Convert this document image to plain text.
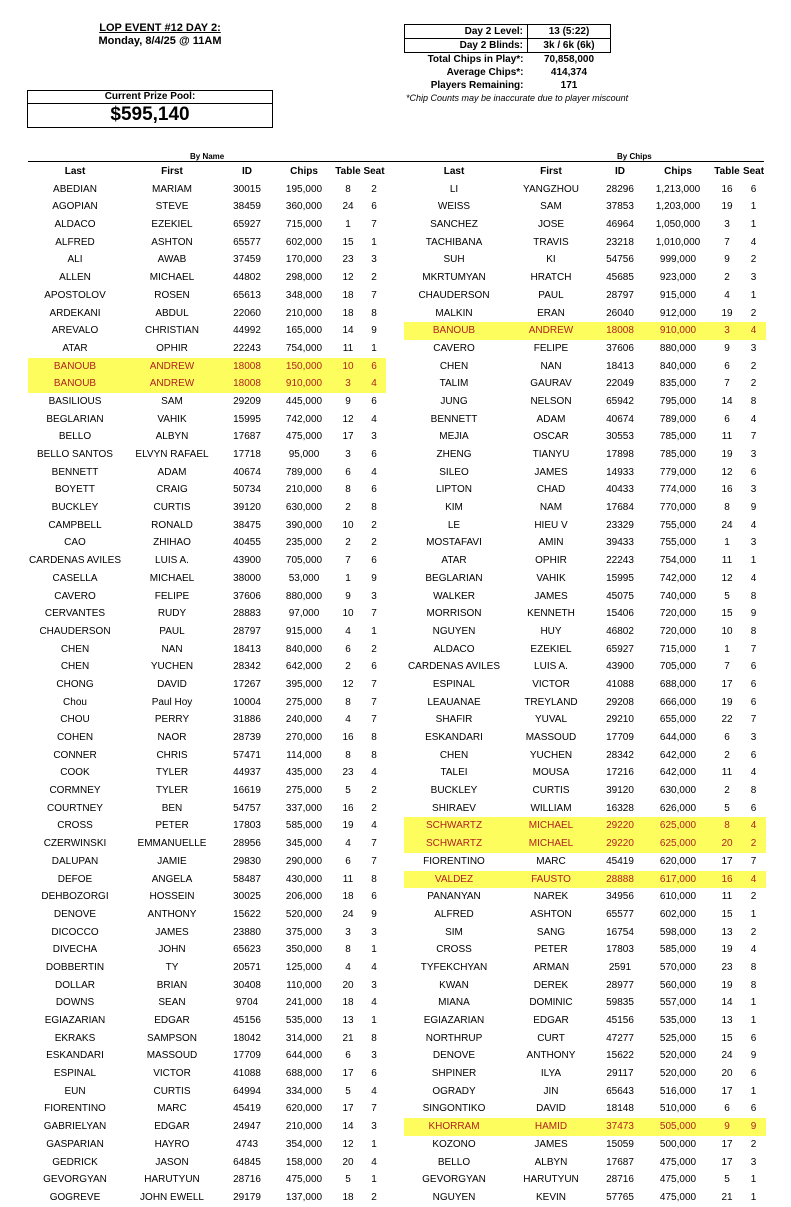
LOP EVENT #12 DAY 2:
Monday, 8/4/25 @ 11AM
Day 2 Level:	13 (5:22)
Day 2 Blinds:	3k / 6k (6k)
Total Chips in Play*:	70,858,000
Average Chips*:	414,374
Players Remaining:	171
*Chip Counts may be inaccurate due to player miscount
Current Prize Pool:
$595,140
By Name	By Chips
Last	First	ID	Chips	Table Seat
ABEDIAN	MARIAM	30015	195,000	8	2
AGOPIAN	STEVE	38459	360,000	24	6
ALDACO	EZEKIEL	65927	715,000	1	7
ALFRED	ASHTON	65577	602,000	15	1
ALI	AWAB	37459	170,000	23	3
ALLEN	MICHAEL	44802	298,000	12	2
APOSTOLOV	ROSEN	65613	348,000	18	7
ARDEKANI	ABDUL	22060	210,000	18	8
AREVALO	CHRISTIAN	44992	165,000	14	9
ATAR	OPHIR	22243	754,000	11	1
BANOUB	ANDREW	18008	150,000	10	6
BANOUB	ANDREW	18008	910,000	3	4
BASILIOUS	SAM	29209	445,000	9	6
BEGLARIAN	VAHIK	15995	742,000	12	4
BELLO	ALBYN	17687	475,000	17	3
BELLO SANTOS	ELVYN RAFAEL	17718	95,000	3	6
BENNETT	ADAM	40674	789,000	6	4
BOYETT	CRAIG	50734	210,000	8	6
BUCKLEY	CURTIS	39120	630,000	2	8
CAMPBELL	RONALD	38475	390,000	10	2
CAO	ZHIHAO	40455	235,000	2	2
CARDENAS AVILES	LUIS A.	43900	705,000	7	6
CASELLA	MICHAEL	38000	53,000	1	9
CAVERO	FELIPE	37606	880,000	9	3
CERVANTES	RUDY	28883	97,000	10	7
CHAUDERSON	PAUL	28797	915,000	4	1
CHEN	NAN	18413	840,000	6	2
CHEN	YUCHEN	28342	642,000	2	6
CHONG	DAVID	17267	395,000	12	7
Chou	Paul Hoy	10004	275,000	8	7
CHOU	PERRY	31886	240,000	4	7
COHEN	NAOR	28739	270,000	16	8
CONNER	CHRIS	57471	114,000	8	8
COOK	TYLER	44937	435,000	23	4
CORMNEY	TYLER	16619	275,000	5	2
COURTNEY	BEN	54757	337,000	16	2
CROSS	PETER	17803	585,000	19	4
CZERWINSKI	EMMANUELLE	28956	345,000	4	7
DALUPAN	JAMIE	29830	290,000	6	7
DEFOE	ANGELA	58487	430,000	11	8
DEHBOZORGI	HOSSEIN	30025	206,000	18	6
DENOVE	ANTHONY	15622	520,000	24	9
DICOCCO	JAMES	23880	375,000	3	3
DIVECHA	JOHN	65623	350,000	8	1
DOBBERTIN	TY	20571	125,000	4	4
DOLLAR	BRIAN	30408	110,000	20	3
DOWNS	SEAN	9704	241,000	18	4
EGIAZARIAN	EDGAR	45156	535,000	13	1
EKRAKS	SAMPSON	18042	314,000	21	8
ESKANDARI	MASSOUD	17709	644,000	6	3
ESPINAL	VICTOR	41088	688,000	17	6
EUN	CURTIS	64994	334,000	5	4
FIORENTINO	MARC	45419	620,000	17	7
GABRIELYAN	EDGAR	24947	210,000	14	3
GASPARIAN	HAYRO	4743	354,000	12	1
GEDRICK	JASON	64845	158,000	20	4
GEVORGYAN	HARUTYUN	28716	475,000	5	1
GOGREVE	JOHN EWELL	29179	137,000	18	2
Last	First	ID	Chips	Table Seat
LI	YANGZHOU	28296	1,213,000	16	6
WEISS	SAM	37853	1,203,000	19	1
SANCHEZ	JOSE	46964	1,050,000	3	1
TACHIBANA	TRAVIS	23218	1,010,000	7	4
SUH	KI	54756	999,000	9	2
MKRTUMYAN	HRATCH	45685	923,000	2	3
CHAUDERSON	PAUL	28797	915,000	4	1
MALKIN	ERAN	26040	912,000	19	2
BANOUB	ANDREW	18008	910,000	3	4
CAVERO	FELIPE	37606	880,000	9	3
CHEN	NAN	18413	840,000	6	2
TALIM	GAURAV	22049	835,000	7	2
JUNG	NELSON	65942	795,000	14	8
BENNETT	ADAM	40674	789,000	6	4
MEJIA	OSCAR	30553	785,000	11	7
ZHENG	TIANYU	17898	785,000	19	3
SILEO	JAMES	14933	779,000	12	6
LIPTON	CHAD	40433	774,000	16	3
KIM	NAM	17684	770,000	8	9
LE	HIEU V	23329	755,000	24	4
MOSTAFAVI	AMIN	39433	755,000	1	3
ATAR	OPHIR	22243	754,000	11	1
BEGLARIAN	VAHIK	15995	742,000	12	4
WALKER	JAMES	45075	740,000	5	8
MORRISON	KENNETH	15406	720,000	15	9
NGUYEN	HUY	46802	720,000	10	8
ALDACO	EZEKIEL	65927	715,000	1	7
CARDENAS AVILES	LUIS A.	43900	705,000	7	6
ESPINAL	VICTOR	41088	688,000	17	6
LEAUANAE	TREYLAND	29208	666,000	19	6
SHAFIR	YUVAL	29210	655,000	22	7
ESKANDARI	MASSOUD	17709	644,000	6	3
CHEN	YUCHEN	28342	642,000	2	6
TALEI	MOUSA	17216	642,000	11	4
BUCKLEY	CURTIS	39120	630,000	2	8
SHIRAEV	WILLIAM	16328	626,000	5	6
SCHWARTZ	MICHAEL	29220	625,000	8	4
SCHWARTZ	MICHAEL	29220	625,000	20	2
FIORENTINO	MARC	45419	620,000	17	7
VALDEZ	FAUSTO	28888	617,000	16	4
PANANYAN	NAREK	34956	610,000	11	2
ALFRED	ASHTON	65577	602,000	15	1
SIM	SANG	16754	598,000	13	2
CROSS	PETER	17803	585,000	19	4
TYFEKCHYAN	ARMAN	2591	570,000	23	8
KWAN	DEREK	28977	560,000	19	8
MIANA	DOMINIC	59835	557,000	14	1
EGIAZARIAN	EDGAR	45156	535,000	13	1
NORTHRUP	CURT	47277	525,000	15	6
DENOVE	ANTHONY	15622	520,000	24	9
SHPINER	ILYA	29117	520,000	20	6
OGRADY	JIN	65643	516,000	17	1
SINGONTIKO	DAVID	18148	510,000	6	6
KHORRAM	HAMID	37473	505,000	9	9
KOZONO	JAMES	15059	500,000	17	2
BELLO	ALBYN	17687	475,000	17	3
GEVORGYAN	HARUTYUN	28716	475,000	5	1
NGUYEN	KEVIN	57765	475,000	21	1
